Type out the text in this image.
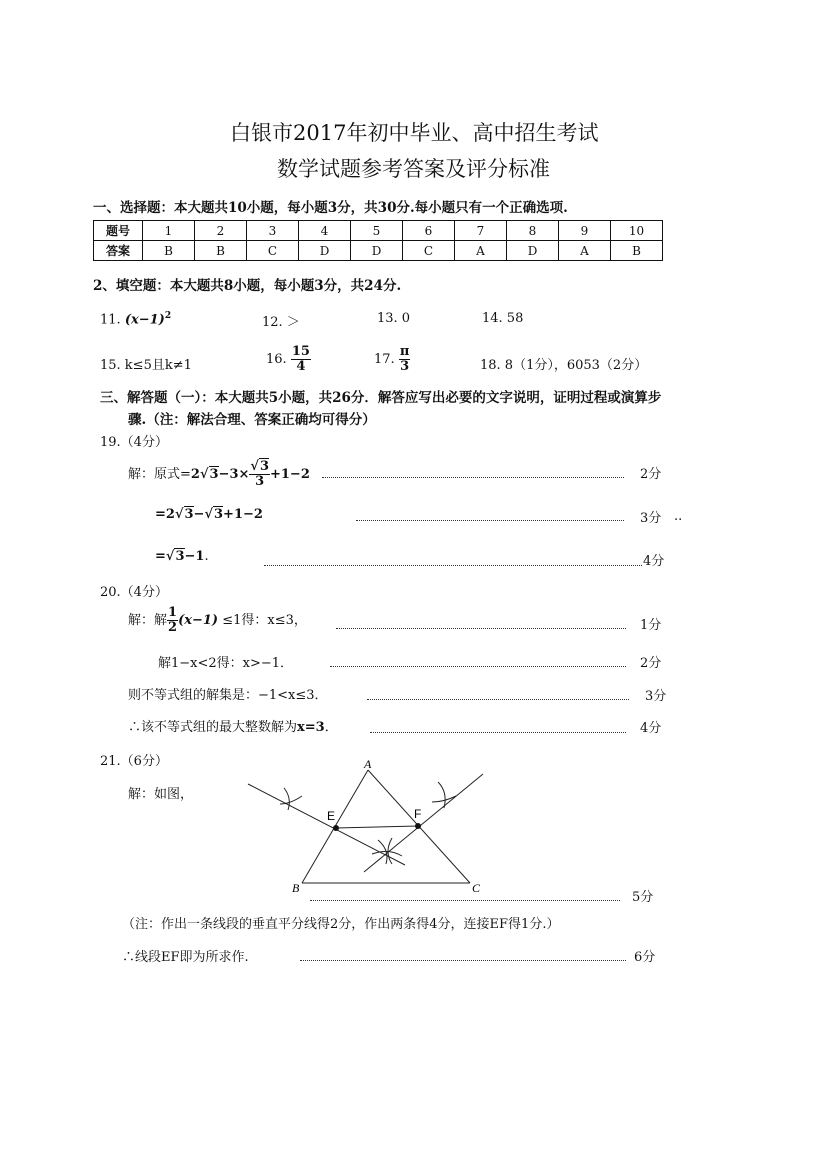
白银市2017年初中毕业、高中招生考试
数学试题参考答案及评分标准
一、选择题：本大题共10小题，每小题3分，共30分.每小题只有一个正确选项.
题号	1	2	3	4	5	6	7	8	9	10
答案	B	B	C	D	D	C	A	D	A	B
2、填空题：本大题共8小题，每小题3分，共24分.
11. $(x-1)^2$	12. ＞	13. 0	14. 58
15. k≤5且k≠1	16. $\frac{15}{4}$	17. $\frac{\pi}{3}$	18. 8（1分），6053（2分）
三、解答题（一）：本大题共5小题，共26分．解答应写出必要的文字说明，证明过程或演算步
骤.（注：解法合理、答案正确均可得分）
19.（4分）
解：原式$=2√3-3\times \frac{√3}{3} +1-2$	2分
=2√3−√3+1−2	3分 ..
=√3−1.	4分
20.（4分）
解：解 $\frac{1}{2} (x-1) \le 1$得：x≤3，	1分
解1−x<2得：x>−1．	2分
则不等式组的解集是：−1<x≤3．	3分
∴该不等式组的最大整数解为x=3．	4分
21.（6分）
解：如图，
A
B	C
E	F
5分
（注：作出一条线段的垂直平分线得2分，作出两条得4分，连接EF得1分.）
∴线段EF即为所求作.	6分
